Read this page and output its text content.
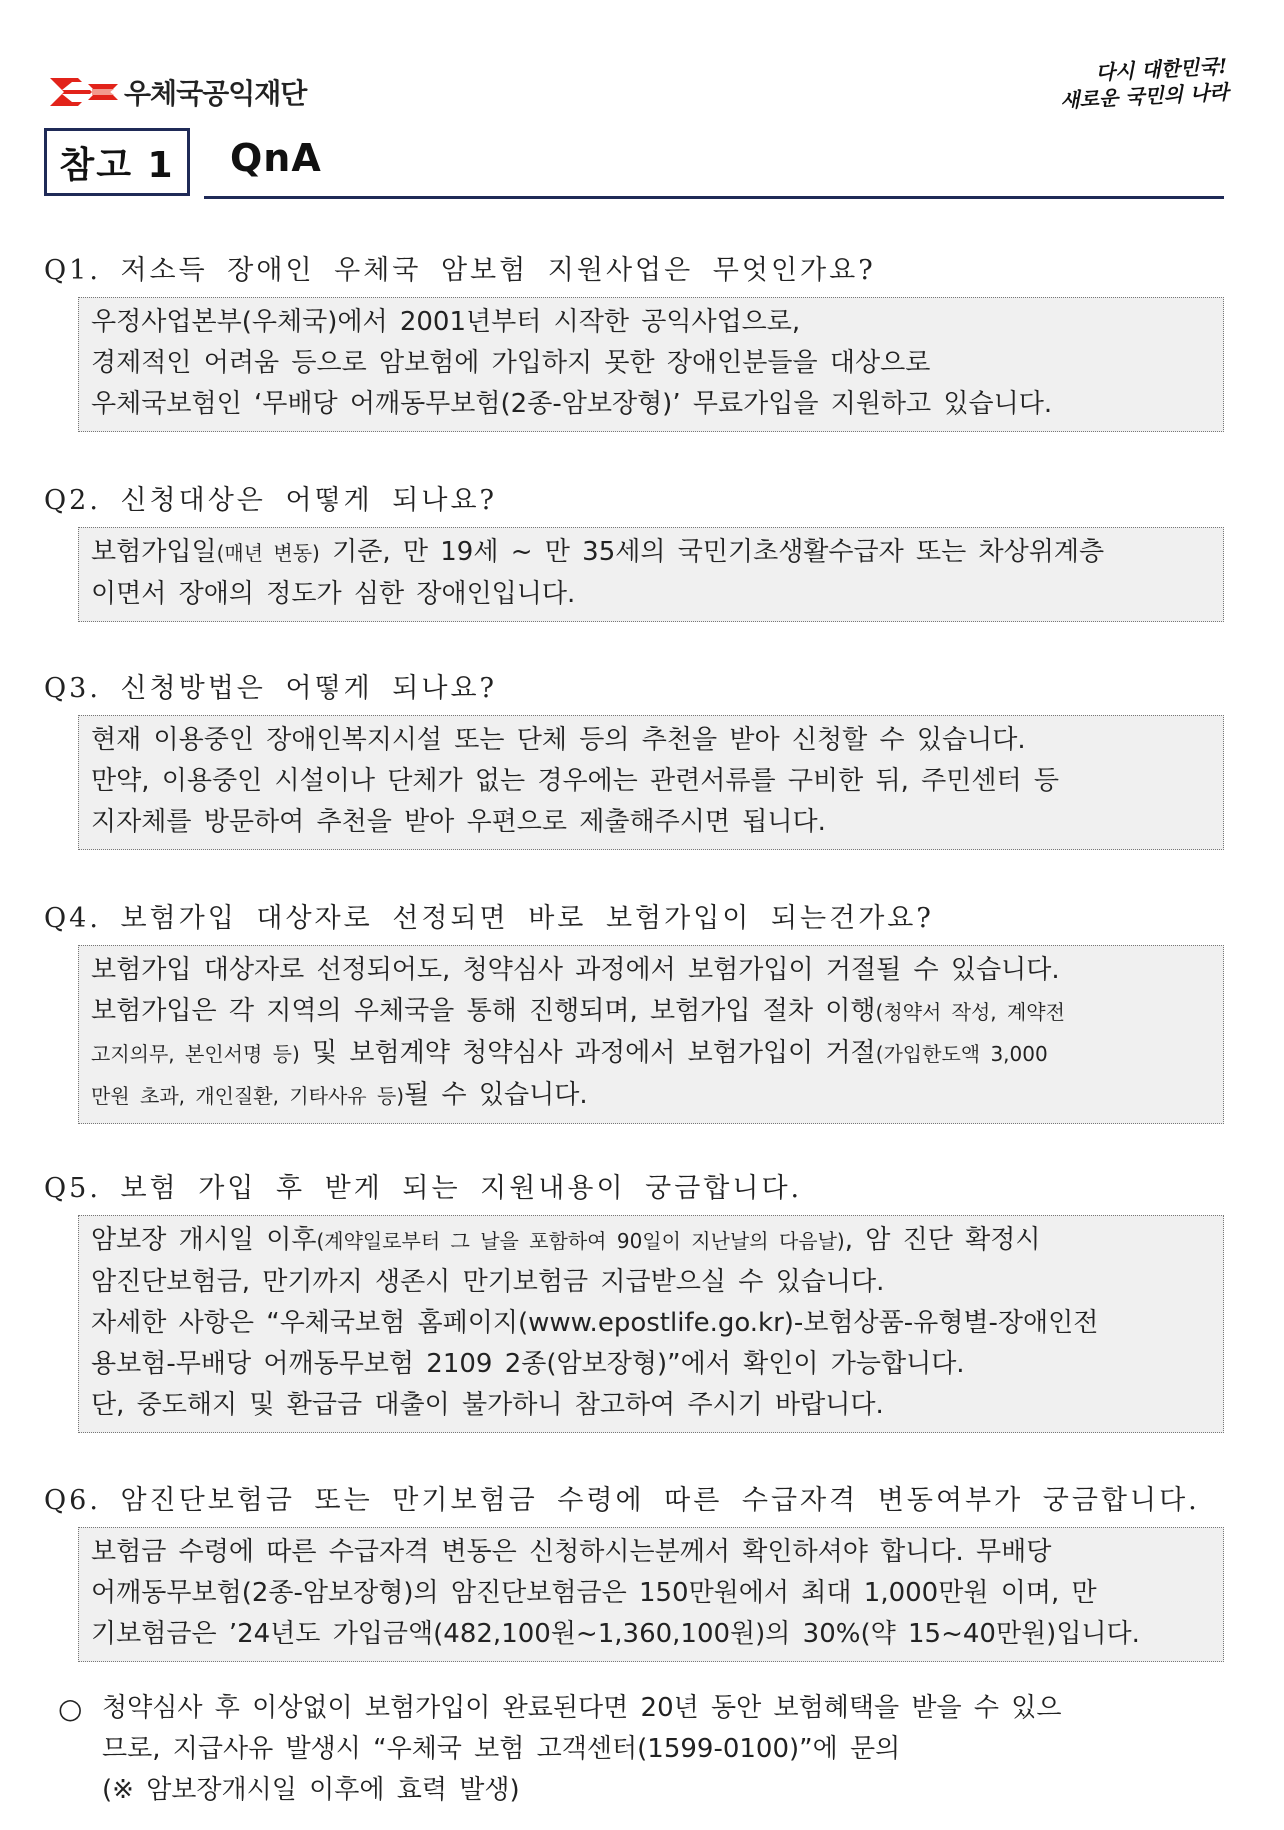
우체국공익재단
다시 대한민국!
새로운 국민의 나라
참고 1	QnA
Q1. 저소득 장애인 우체국 암보험 지원사업은 무엇인가요?

우정사업본부(우체국)에서 2001년부터 시작한 공익사업으로,

경제적인 어려움 등으로 암보험에 가입하지 못한 장애인분들을 대상으로

우체국보험인 ‘무배당 어깨동무보험(2종-암보장형)’ 무료가입을 지원하고 있습니다.

Q2. 신청대상은 어떻게 되나요?

보험가입일(매년 변동) 기준, 만 19세 ~ 만 35세의 국민기초생활수급자 또는 차상위계층

이면서 장애의 정도가 심한 장애인입니다.

Q3. 신청방법은 어떻게 되나요?

현재 이용중인 장애인복지시설 또는 단체 등의 추천을 받아 신청할 수 있습니다.

만약, 이용중인 시설이나 단체가 없는 경우에는 관련서류를 구비한 뒤, 주민센터 등

지자체를 방문하여 추천을 받아 우편으로 제출해주시면 됩니다.

Q4. 보험가입 대상자로 선정되면 바로 보험가입이 되는건가요?

보험가입 대상자로 선정되어도, 청약심사 과정에서 보험가입이 거절될 수 있습니다.

보험가입은 각 지역의 우체국을 통해 진행되며, 보험가입 절차 이행(청약서 작성, 계약전

고지의무, 본인서명 등) 및 보험계약 청약심사 과정에서 보험가입이 거절(가입한도액 3,000

만원 초과, 개인질환, 기타사유 등)될 수 있습니다.

Q5. 보험 가입 후 받게 되는 지원내용이 궁금합니다.

암보장 개시일 이후(계약일로부터 그 날을 포함하여 90일이 지난날의 다음날), 암 진단 확정시

암진단보험금, 만기까지 생존시 만기보험금 지급받으실 수 있습니다.

자세한 사항은 “우체국보험 홈페이지(www.epostlife.go.kr)-보험상품-유형별-장애인전

용보험-무배당 어깨동무보험 2109 2종(암보장형)”에서 확인이 가능합니다.

단, 중도해지 및 환급금 대출이 불가하니 참고하여 주시기 바랍니다.

Q6. 암진단보험금 또는 만기보험금 수령에 따른 수급자격 변동여부가 궁금합니다.

보험금 수령에 따른 수급자격 변동은 신청하시는분께서 확인하셔야 합니다. 무배당

어깨동무보험(2종-암보장형)의 암진단보험금은 150만원에서 최대 1,000만원 이며, 만

기보험금은 ’24년도 가입금액(482,100원~1,360,100원)의 30%(약 15~40만원)입니다.

○ 청약심사 후 이상없이 보험가입이 완료된다면 20년 동안 보험혜택을 받을 수 있으

므로, 지급사유 발생시 “우체국 보험 고객센터(1599-0100)”에 문의

(※ 암보장개시일 이후에 효력 발생)
